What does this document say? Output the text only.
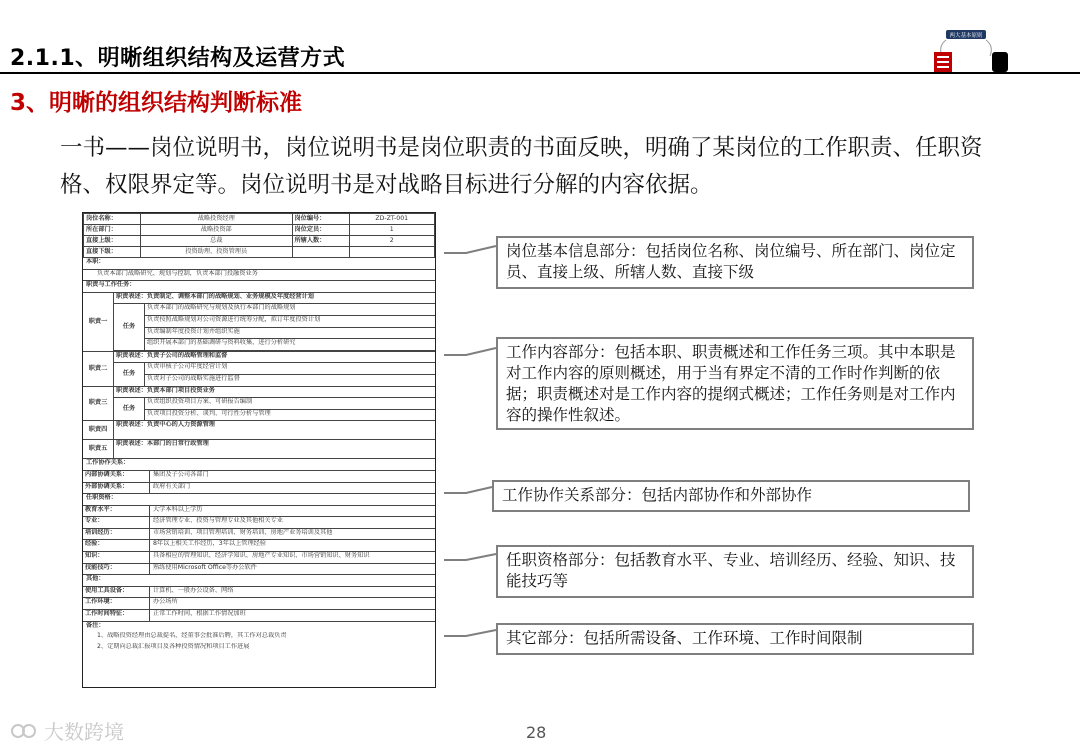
2.1.1、明晰组织结构及运营方式
3、明晰的组织结构判断标准
两大基本原则
一书——岗位说明书，岗位说明书是岗位职责的书面反映，明确了某岗位的工作职责、任职资格、权限界定等。岗位说明书是对战略目标进行分解的内容依据。
岗位名称：	战略投资经理	岗位编号：	ZD-ZT-001
所在部门：	战略投资部	岗位定员：	1
直接上级：	总裁	所辖人数：	2
直接下级：	投资助理、投资管理员		
本职：
负责本部门战略研究、规划与控制，负责本部门投融资业务
职责与工作任务：
职责一
职责表述：负责制定、调整本部门的战略规划、业务规模及年度经营计划
任务
负责本部门的战略研究与规划及执行本部门的战略规划
负责按照战略规划对公司资源进行统筹分配，拟订年度投资计划
负责编制年度投资计划并组织实施
组织开展本部门的基础调研与资料收集，进行分析研究
职责二
职责表述：负责子公司的战略管理和监督
任务
负责审核子公司年度经营计划
负责对子公司的战略实施进行监督
职责三
职责表述：负责本部门项目投资业务
任务
负责组织投资项目方案、可研报告编制
负责项目投资分析、谈判、可行性分析与管理
职责四
职责表述：负责中心的人力资源管理
职责五
职责表述：本部门的日常行政管理
工作协作关系：
内部协调关系：	集团及子公司各部门
外部协调关系：	政府有关部门
任职资格：
教育水平：	大学本科以上学历
专业：	经济管理专业、投资与管理专业及其他相关专业
培训经历：	市场营销培训、项目管理培训、财务培训、房地产业务培训及其他
经验：	8年以上相关工作经历，3年以上管理经验
知识：	具备相应的管理知识、经济学知识、房地产专业知识、市场营销知识、财务知识
技能技巧：	熟练使用Microsoft Office等办公软件
其他：
使用工具设备：	计算机、一般办公设备、网络
工作环境：	办公场所
工作时间特征：	正常工作时间，根据工作情况加班
备注：
1、战略投资经理由总裁提名，经董事会批准后聘，其工作对总裁负责
2、定期向总裁汇报项目及各种投资情况和项目工作进展
岗位基本信息部分：包括岗位名称、岗位编号、所在部门、岗位定员、直接上级、所辖人数、直接下级
工作内容部分：包括本职、职责概述和工作任务三项。其中本职是对工作内容的原则概述，用于当有界定不清的工作时作判断的依据；职责概述对是工作内容的提纲式概述；工作任务则是对工作内容的操作性叙述。
工作协作关系部分：包括内部协作和外部协作
任职资格部分：包括教育水平、专业、培训经历、经验、知识、技能技巧等
其它部分：包括所需设备、工作环境、工作时间限制
大数跨境	28
